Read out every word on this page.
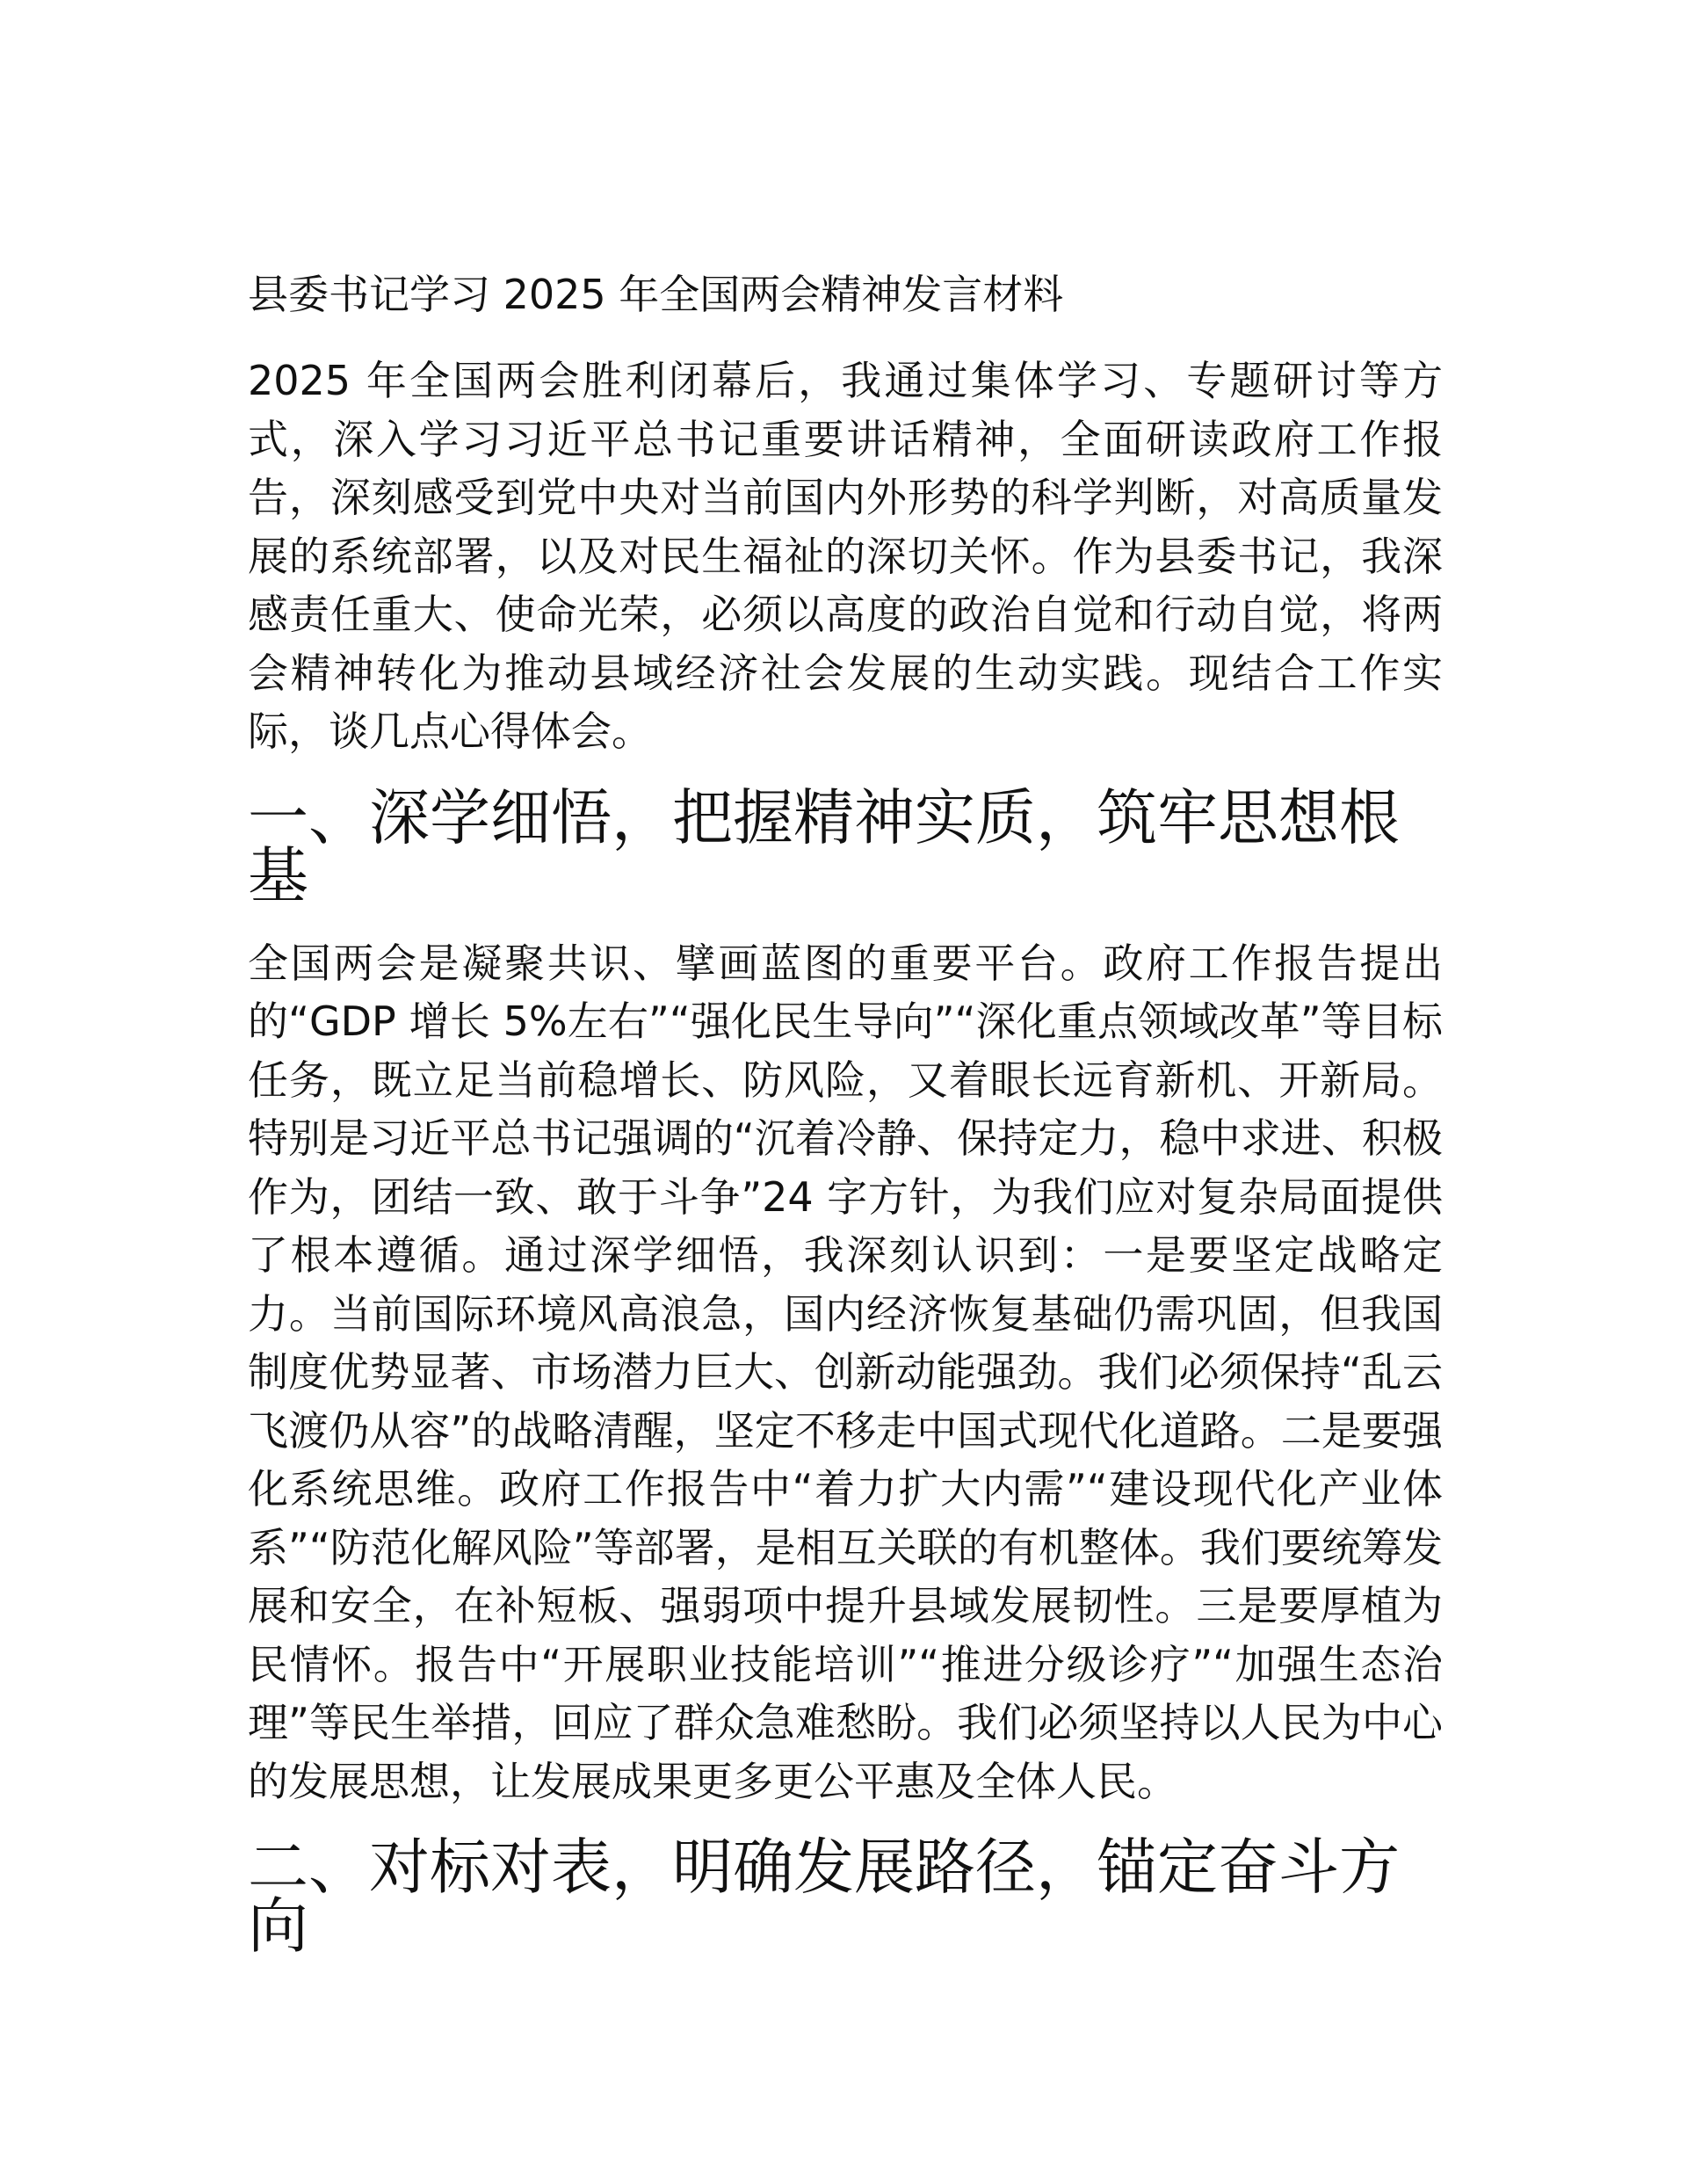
县委书记学习 2025 年全国两会精神发言材料

2025 年全国两会胜利闭幕后，我通过集体学习、专题研讨等方式，深入学习习近平总书记重要讲话精神，全面研读政府工作报告，深刻感受到党中央对当前国内外形势的科学判断，对高质量发展的系统部署，以及对民生福祉的深切关怀。作为县委书记，我深感责任重大、使命光荣，必须以高度的政治自觉和行动自觉，将两会精神转化为推动县域经济社会发展的生动实践。现结合工作实际，谈几点心得体会。

一、深学细悟，把握精神实质，筑牢思想根基

全国两会是凝聚共识、擘画蓝图的重要平台。政府工作报告提出的“GDP 增长 5%左右”“强化民生导向”“深化重点领域改革”等目标任务，既立足当前稳增长、防风险，又着眼长远育新机、开新局。特别是习近平总书记强调的“沉着冷静、保持定力，稳中求进、积极作为，团结一致、敢于斗争”24 字方针，为我们应对复杂局面提供了根本遵循。通过深学细悟，我深刻认识到：一是要坚定战略定力。当前国际环境风高浪急，国内经济恢复基础仍需巩固，但我国制度优势显著、市场潜力巨大、创新动能强劲。我们必须保持“乱云飞渡仍从容”的战略清醒，坚定不移走中国式现代化道路。二是要强化系统思维。政府工作报告中“着力扩大内需”“建设现代化产业体系”“防范化解风险”等部署，是相互关联的有机整体。我们要统筹发展和安全，在补短板、强弱项中提升县域发展韧性。三是要厚植为民情怀。报告中“开展职业技能培训”“推进分级诊疗”“加强生态治理”等民生举措，回应了群众急难愁盼。我们必须坚持以人民为中心的发展思想，让发展成果更多更公平惠及全体人民。

二、对标对表，明确发展路径，锚定奋斗方向
